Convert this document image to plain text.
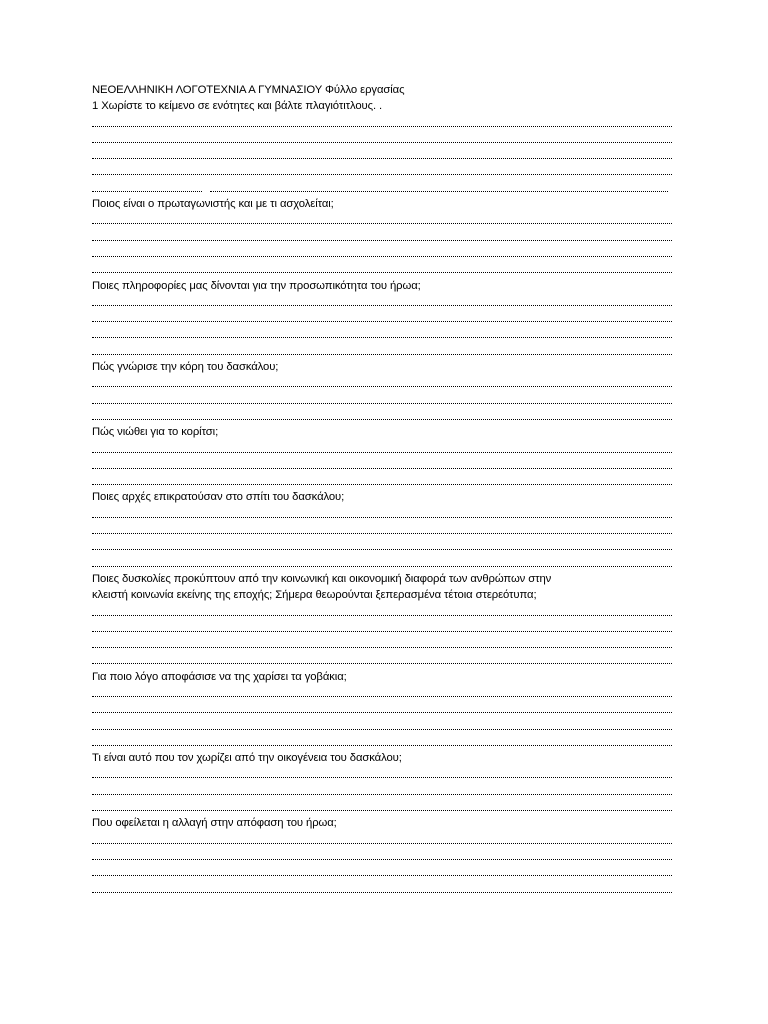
ΝΕΟΕΛΛΗΝΙΚΗ ΛΟΓΟΤΕΧΝΙΑ Α ΓΥΜΝΑΣΙΟΥ Φύλλο εργασίας
1 Χωρίστε το κείμενο σε ενότητες και βάλτε πλαγιότιτλους. .
Ποιος είναι ο πρωταγωνιστής και με τι ασχολείται;
Ποιες πληροφορίες μας δίνονται για την προσωπικότητα του ήρωα;
Πώς γνώρισε την κόρη του δασκάλου;
Πώς νιώθει για το κορίτσι;
Ποιες αρχές επικρατούσαν στο σπίτι του δασκάλου;
Ποιες δυσκολίες προκύπτουν από την κοινωνική και οικονομική διαφορά των ανθρώπων στην
κλειστή κοινωνία εκείνης της εποχής; Σήμερα θεωρούνται ξεπερασμένα τέτοια στερεότυπα;
Για ποιο λόγο αποφάσισε να της χαρίσει τα γοβάκια;
Τι είναι αυτό που τον χωρίζει από την οικογένεια του δασκάλου;
Που οφείλεται η αλλαγή στην απόφαση του ήρωα;
